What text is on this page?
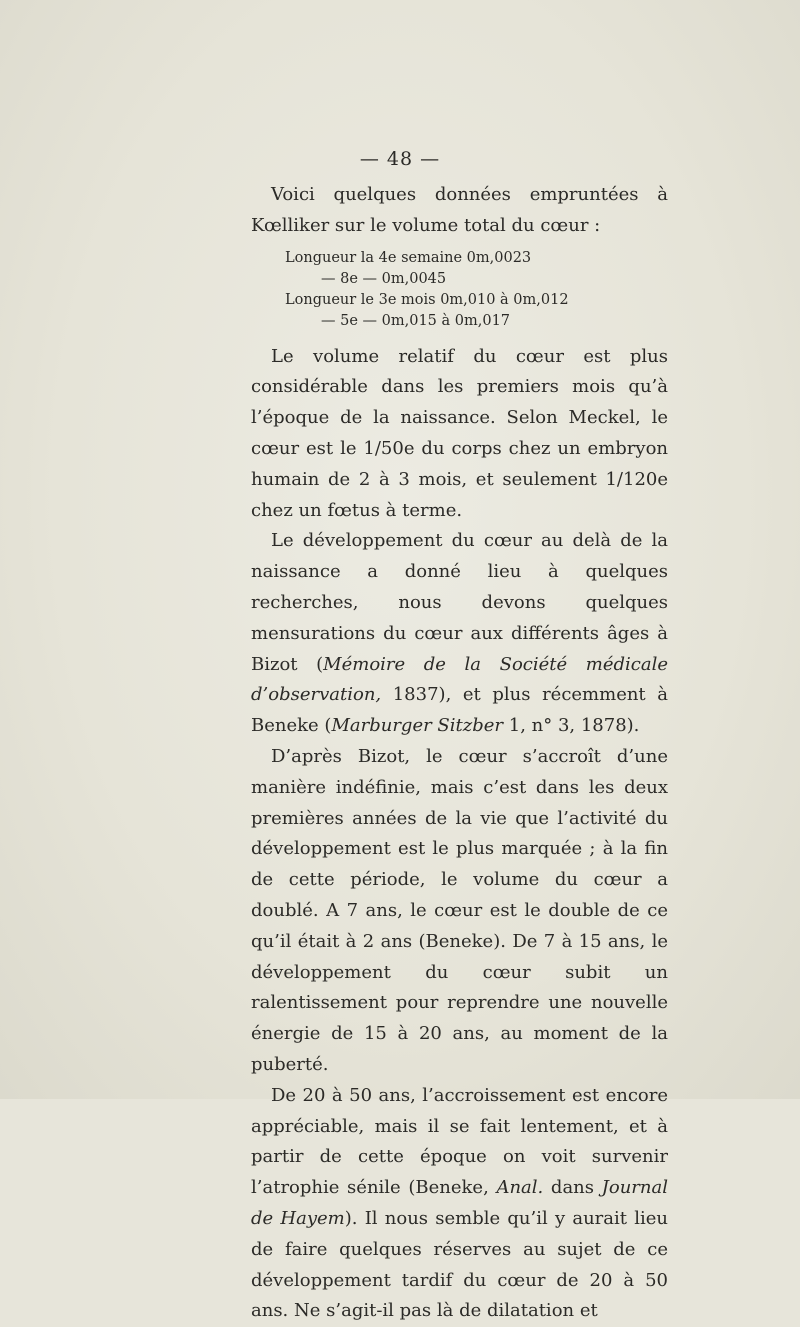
— 48 —

Voici quelques données empruntées à Kœlliker sur le volume total du cœur :

Longueur la 4e semaine 0m,0023
— 8e — 0m,0045
Longueur le 3e mois 0m,010 à 0m,012
— 5e — 0m,015 à 0m,017

Le volume relatif du cœur est plus considérable dans les premiers mois qu’à l’époque de la naissance. Selon Meckel, le cœur est le 1/50e du corps chez un embryon humain de 2 à 3 mois, et seulement 1/120e chez un fœtus à terme.

Le développement du cœur au delà de la naissance a donné lieu à quelques recherches, nous devons quelques mensurations du cœur aux différents âges à Bizot (Mémoire de la Société médicale d’observation, 1837), et plus récemment à Beneke (Marburger Sitzber 1, n° 3, 1878).

D’après Bizot, le cœur s’accroît d’une manière indéfinie, mais c’est dans les deux premières années de la vie que l’activité du développement est le plus marquée ; à la fin de cette période, le volume du cœur a doublé. A 7 ans, le cœur est le double de ce qu’il était à 2 ans (Beneke). De 7 à 15 ans, le développement du cœur subit un ralentissement pour reprendre une nouvelle énergie de 15 à 20 ans, au moment de la puberté.

De 20 à 50 ans, l’accroissement est encore appréciable, mais il se fait lentement, et à partir de cette époque on voit survenir l’atrophie sénile (Beneke, Anal. dans Journal de Hayem). Il nous semble qu’il y aurait lieu de faire quelques réserves au sujet de ce développement tardif du cœur de 20 à 50 ans. Ne s’agit-il pas là de dilatation et
